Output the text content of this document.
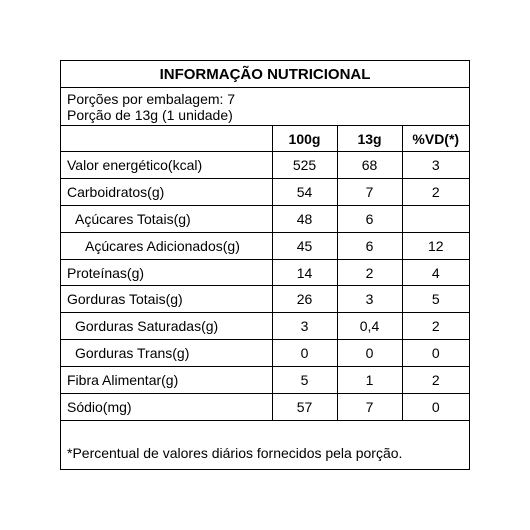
INFORMAÇÃO NUTRICIONAL
Porções por embalagem: 7
Porção de 13g (1 unidade)
	100g	13g	%VD(*)
Valor energético(kcal)	525	68	3
Carboidratos(g)	54	7	2
Açúcares Totais(g)	48	6	
Açúcares Adicionados(g)	45	6	12
Proteínas(g)	14	2	4
Gorduras Totais(g)	26	3	5
Gorduras Saturadas(g)	3	0,4	2
Gorduras Trans(g)	0	0	0
Fibra Alimentar(g)	5	1	2
Sódio(mg)	57	7	0
*Percentual de valores diários fornecidos pela porção.
